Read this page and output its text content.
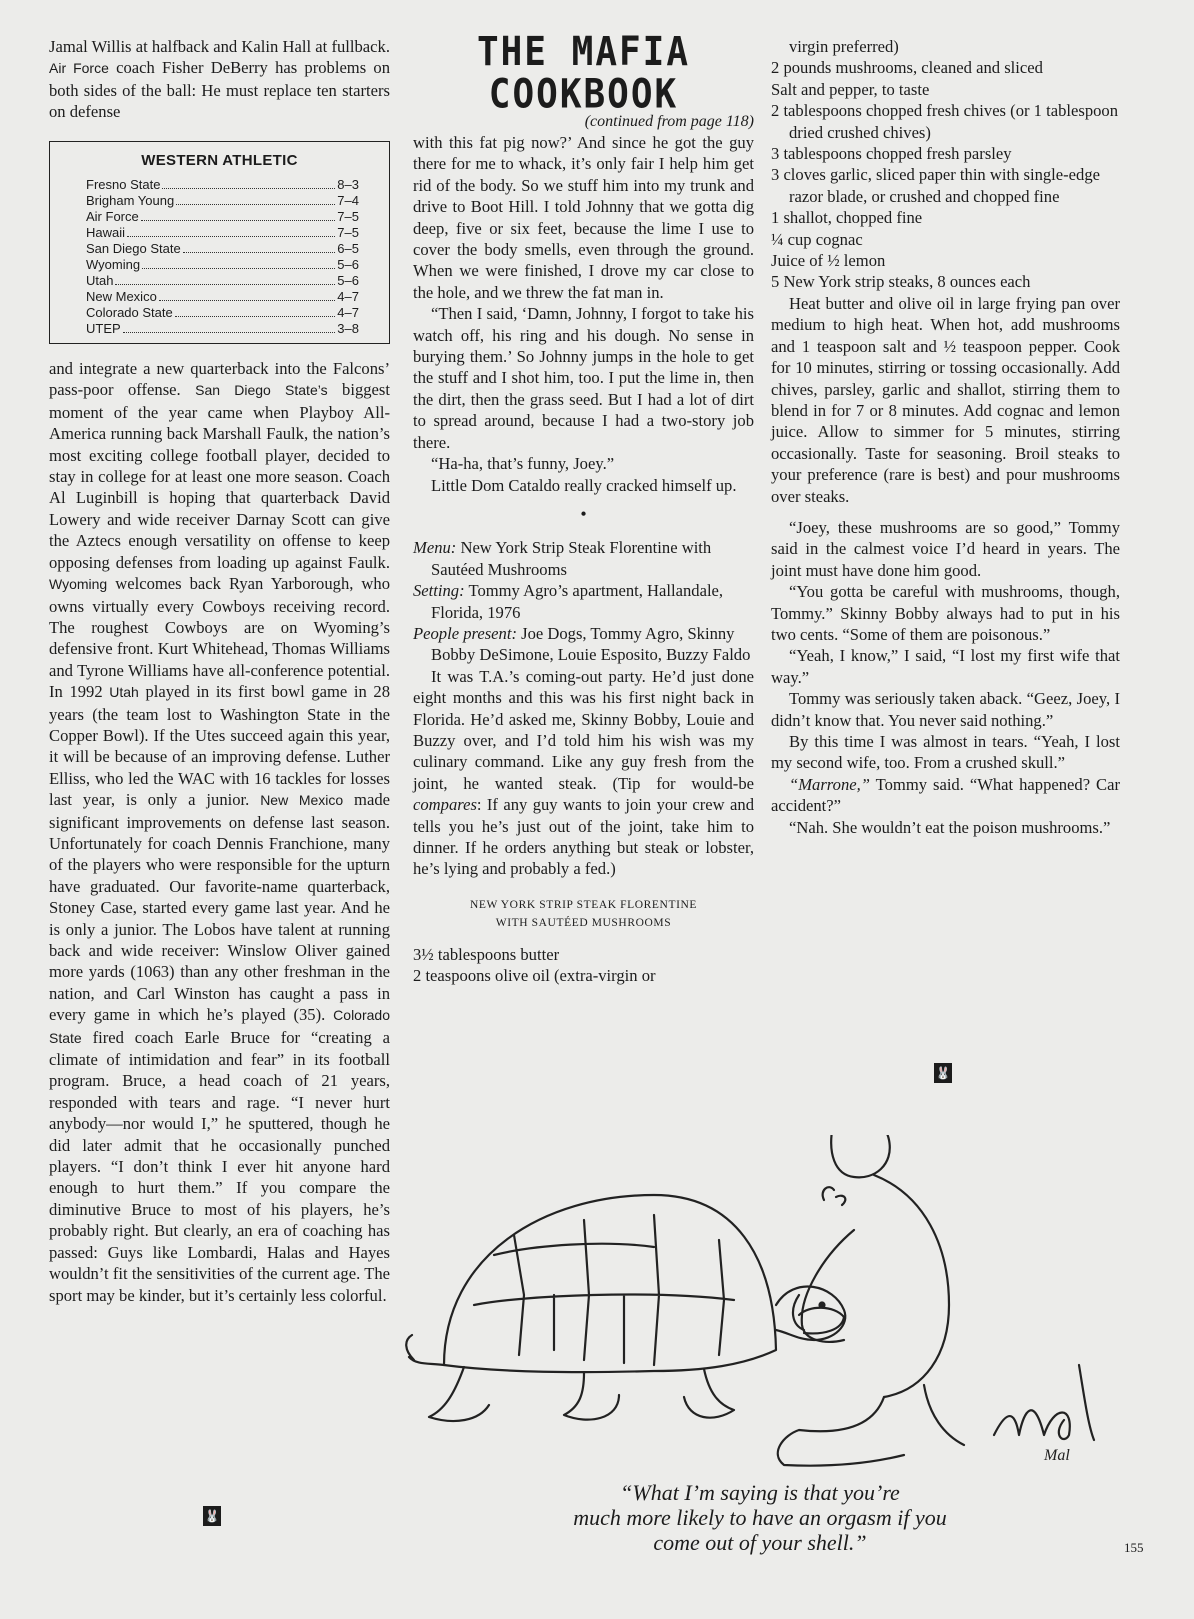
Jamal Willis at halfback and Kalin Hall at fullback. Air Force coach Fisher DeBerry has problems on both sides of the ball: He must replace ten starters on defense

WESTERN ATHLETIC
Fresno State	8–3
Brigham Young	7–4
Air Force	7–5
Hawaii	7–5
San Diego State	6–5
Wyoming	5–6
Utah	5–6
New Mexico	4–7
Colorado State	4–7
UTEP	3–8

and integrate a new quarterback into the Falcons’ pass-poor offense. San Diego State’s biggest moment of the year came when Playboy All-America running back Marshall Faulk, the nation’s most exciting college football player, decided to stay in college for at least one more season. Coach Al Luginbill is hoping that quarterback David Lowery and wide receiver Darnay Scott can give the Aztecs enough versatility on offense to keep opposing defenses from loading up against Faulk. Wyoming welcomes back Ryan Yarborough, who owns virtually every Cowboys receiving record. The roughest Cowboys are on Wyoming’s defensive front. Kurt Whitehead, Thomas Williams and Tyrone Williams have all-conference potential. In 1992 Utah played in its first bowl game in 28 years (the team lost to Washington State in the Copper Bowl). If the Utes succeed again this year, it will be because of an improving defense. Luther Elliss, who led the WAC with 16 tackles for losses last year, is only a junior. New Mexico made significant improvements on defense last season. Unfortunately for coach Dennis Franchione, many of the players who were responsible for the upturn have graduated. Our favorite-name quarterback, Stoney Case, started every game last year. And he is only a junior. The Lobos have talent at running back and wide receiver: Winslow Oliver gained more yards (1063) than any other freshman in the nation, and Carl Winston has caught a pass in every game in which he’s played (35). Colorado State fired coach Earle Bruce for “creating a climate of intimidation and fear” in its football program. Bruce, a head coach of 21 years, responded with tears and rage. “I never hurt anybody—nor would I,” he sputtered, though he did later admit that he occasionally punched players. “I don’t think I ever hit anyone hard enough to hurt them.” If you compare the diminutive Bruce to most of his players, he’s probably right. But clearly, an era of coaching has passed: Guys like Lombardi, Halas and Hayes wouldn’t fit the sensitivities of the current age. The sport may be kinder, but it’s certainly less colorful.

🐰
THE MAFIA COOKBOOK
(continued from page 118)

with this fat pig now?’ And since he got the guy there for me to whack, it’s only fair I help him get rid of the body. So we stuff him into my trunk and drive to Boot Hill. I told Johnny that we gotta dig deep, five or six feet, because the lime I use to cover the body smells, even through the ground. When we were finished, I drove my car close to the hole, and we threw the fat man in.

“Then I said, ‘Damn, Johnny, I forgot to take his watch off, his ring and his dough. No sense in burying them.’ So Johnny jumps in the hole to get the stuff and I shot him, too. I put the lime in, then the dirt, then the grass seed. But I had a lot of dirt to spread around, because I had a two-story job there.

“Ha-ha, that’s funny, Joey.”

Little Dom Cataldo really cracked himself up.

•

Menu: New York Strip Steak Florentine with Sautéed Mushrooms

Setting: Tommy Agro’s apartment, Hallandale, Florida, 1976

People present: Joe Dogs, Tommy Agro, Skinny Bobby DeSimone, Louie Esposito, Buzzy Faldo

It was T.A.’s coming-out party. He’d just done eight months and this was his first night back in Florida. He’d asked me, Skinny Bobby, Louie and Buzzy over, and I’d told him his wish was my culinary command. Like any guy fresh from the joint, he wanted steak. (Tip for would-be compares: If any guy wants to join your crew and tells you he’s just out of the joint, take him to dinner. If he orders anything but steak or lobster, he’s lying and probably a fed.)

NEW YORK STRIP STEAK FLORENTINE
WITH SAUTÉED MUSHROOMS

3½ tablespoons butter

2 teaspoons olive oil (extra-virgin or

virgin preferred)

2 pounds mushrooms, cleaned and sliced

Salt and pepper, to taste

2 tablespoons chopped fresh chives (or 1 tablespoon dried crushed chives)

3 tablespoons chopped fresh parsley

3 cloves garlic, sliced paper thin with single-edge razor blade, or crushed and chopped fine

1 shallot, chopped fine

¼ cup cognac

Juice of ½ lemon

5 New York strip steaks, 8 ounces each

Heat butter and olive oil in large frying pan over medium to high heat. When hot, add mushrooms and 1 teaspoon salt and ½ teaspoon pepper. Cook for 10 minutes, stirring or tossing occasionally. Add chives, parsley, garlic and shallot, stirring them to blend in for 7 or 8 minutes. Add cognac and lemon juice. Allow to simmer for 5 minutes, stirring occasionally. Taste for seasoning. Broil steaks to your preference (rare is best) and pour mushrooms over steaks.

“Joey, these mushrooms are so good,” Tommy said in the calmest voice I’d heard in years. The joint must have done him good.

“You gotta be careful with mushrooms, though, Tommy.” Skinny Bobby always had to put in his two cents. “Some of them are poisonous.”

“Yeah, I know,” I said, “I lost my first wife that way.”

Tommy was seriously taken aback. “Geez, Joey, I didn’t know that. You never said nothing.”

By this time I was almost in tears. “Yeah, I lost my second wife, too. From a crushed skull.”

“Marrone,” Tommy said. “What happened? Car accident?”

“Nah. She wouldn’t eat the poison mushrooms.”

🐰
Mal
“What I’m saying is that you’re
much more likely to have an orgasm if you
come out of your shell.”	155
